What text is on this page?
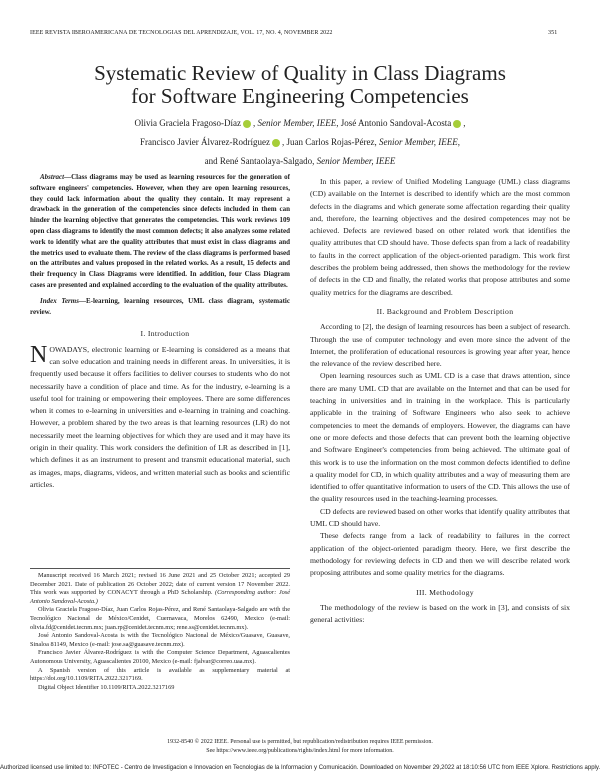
IEEE REVISTA IBEROAMERICANA DE TECNOLOGIAS DEL APRENDIZAJE, VOL. 17, NO. 4, NOVEMBER 2022	351
Systematic Review of Quality in Class Diagrams
for Software Engineering Competencies
Olivia Graciela Fragoso-Díaz , Senior Member, IEEE, José Antonio Sandoval-Acosta ,
Francisco Javier Álvarez-Rodríguez , Juan Carlos Rojas-Pérez, Senior Member, IEEE,
and René Santaolaya-Salgado, Senior Member, IEEE
Abstract—Class diagrams may be used as learning resources for the generation of software engineers' competencies. However, when they are open learning resources, they could lack information about the quality they contain. It may represent a drawback in the generation of the competencies since defects included in them can hinder the learning objective that generates the competencies. This work reviews 109 open class diagrams to identify the most common defects; it also analyzes some related work to identify what are the quality attributes that must exist in class diagrams and the metrics used to evaluate them. The review of the class diagrams is performed based on the attributes and values proposed in the related works. As a result, 15 defects and their frequency in Class Diagrams were identified. In addition, four Class Diagram cases are presented and explained according to the evaluation of the quality attributes.
Index Terms—E-learning, learning resources, UML class diagram, systematic review.

I. Introduction

NOWADAYS, electronic learning or E-learning is considered as a means that can solve education and training needs in different areas. In universities, it is frequently used because it offers facilities to deliver courses to students who do not necessarily have a condition of place and time. As for the industry, e-learning is a useful tool for training or empowering their employees. There are some differences when it comes to e-learning in universities and e-learning in training and coaching. However, a problem shared by the two areas is that learning resources (LR) do not necessarily meet the learning objectives for which they are used and it may have its origin in their quality. This work considers the definition of LR as described in [1], which defines it as an instrument to present and transmit educational material, such as images, maps, diagrams, videos, and written material such as books and scientific articles.

Manuscript received 16 March 2021; revised 16 June 2021 and 25 October 2021; accepted 29 December 2021. Date of publication 26 October 2022; date of current version 17 November 2022. This work was supported by CONACYT through a PhD Scholarship. (Corresponding author: José Antonio Sandoval-Acosta.)

Olivia Graciela Fragoso-Díaz, Juan Carlos Rojas-Pérez, and René Santaolaya-Salgado are with the Tecnológico Nacional de México/Cenidet, Cuernavaca, Morelos 62490, Mexico (e-mail: olivia.fd@cenidet.tecnm.mx; juan.rp@cenidet.tecnm.mx; rene.ss@cenidet.tecnm.mx).

José Antonio Sandoval-Acosta is with the Tecnológico Nacional de México/Guasave, Guasave, Sinaloa 81149, Mexico (e-mail: jose.sa@guasave.tecnm.mx).

Francisco Javier Álvarez-Rodríguez is with the Computer Science Department, Aguascalientes Autonomous University, Aguascalientes 20100, Mexico (e-mail: fjalvar@correo.uaa.mx).

A Spanish version of this article is available as supplementary material at https://doi.org/10.1109/RITA.2022.3217169.

Digital Object Identifier 10.1109/RITA.2022.3217169

In this paper, a review of Unified Modeling Language (UML) class diagrams (CD) available on the Internet is described to identify which are the most common defects in the diagrams and which generate some affectation regarding their quality and, therefore, the learning objectives and the desired competences may not be achieved. Defects are reviewed based on other related work that identifies the quality attributes that CD should have. Those defects span from a lack of readability to faults in the correct application of the object-oriented paradigm. This work first describes the problem being addressed, then shows the methodology for the review of defects in the CD and finally, the related works that propose attributes and some quality metrics for the diagrams are described.

II. Background and Problem Description

According to [2], the design of learning resources has been a subject of research. Through the use of computer technology and even more since the advent of the Internet, the proliferation of educational resources is growing year after year, hence the relevance of the review described here.

Open learning resources such as UML CD is a case that draws attention, since there are many UML CD that are available on the Internet and that can be used for teaching in universities and in training in the workplace. This is particularly applicable in the training of Software Engineers who also seek to achieve competencies to meet the demands of employers. However, the diagrams can have one or more defects and those defects that can prevent both the learning objective and Software Engineer's competencies from being achieved. The ultimate goal of this work is to use the information on the most common defects identified to define a quality model for CD, in which quality attributes and a way of measuring them are identified to offer quantitative information to users of the CD. This allows the use of the quality resources used in the teaching-learning processes.

CD defects are reviewed based on other works that identify quality attributes that UML CD should have.

These defects range from a lack of readability to failures in the correct application of the object-oriented paradigm theory. Here, we first describe the methodology for reviewing defects in CD and then we will describe related work proposing attributes and some quality metrics for the diagrams.

III. Methodology

The methodology of the review is based on the work in [3], and consists of six general activities:

1932-8540 © 2022 IEEE. Personal use is permitted, but republication/redistribution requires IEEE permission.
See https://www.ieee.org/publications/rights/index.html for more information.
Authorized licensed use limited to: INFOTEC - Centro de Investigacion e Innovacion en Tecnologias de la Informacion y Comunicación. Downloaded on November 29,2022 at 18:10:56 UTC from IEEE Xplore. Restrictions apply.
